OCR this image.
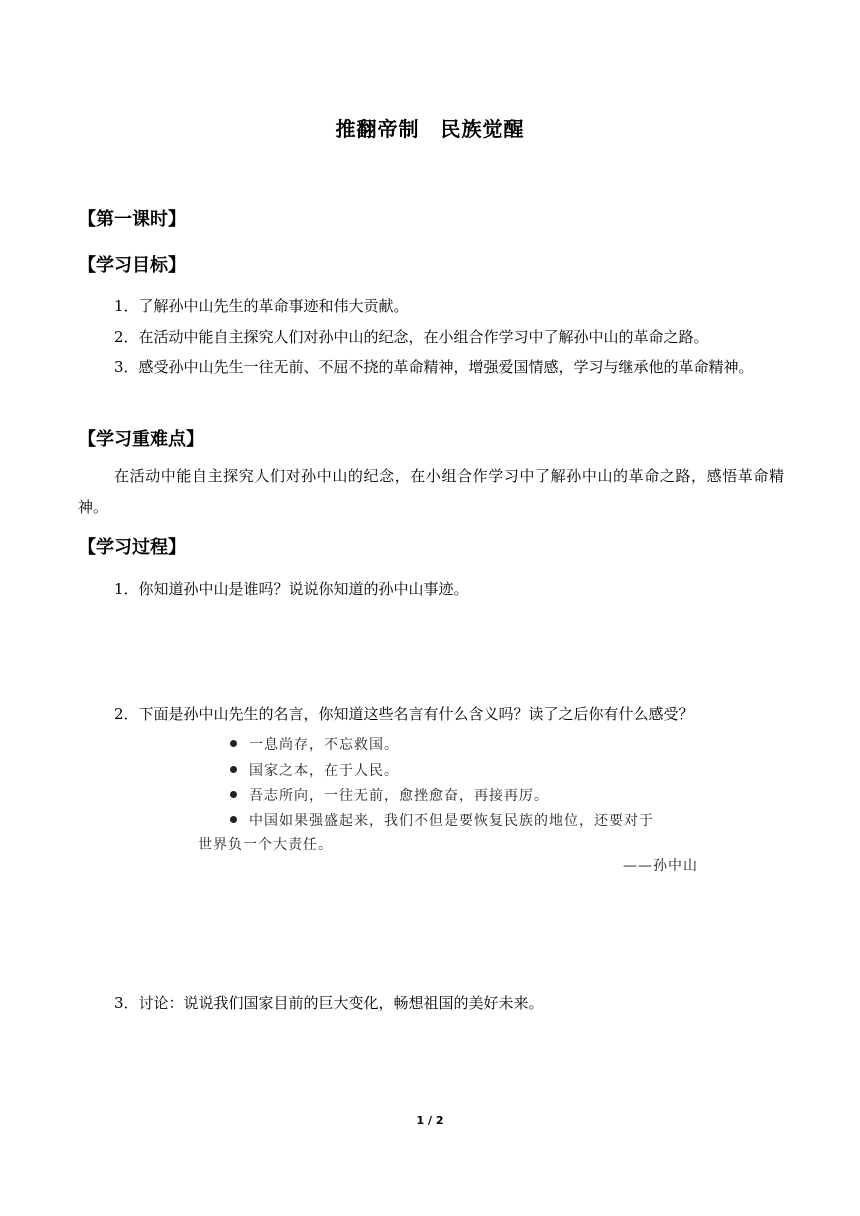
推翻帝制　民族觉醒
【第一课时】
【学习目标】
1．了解孙中山先生的革命事迹和伟大贡献。
2．在活动中能自主探究人们对孙中山的纪念，在小组合作学习中了解孙中山的革命之路。
3．感受孙中山先生一往无前、不屈不挠的革命精神，增强爱国情感，学习与继承他的革命精神。
【学习重难点】
在活动中能自主探究人们对孙中山的纪念，在小组合作学习中了解孙中山的革命之路，感悟革命精神。
【学习过程】
1．你知道孙中山是谁吗？说说你知道的孙中山事迹。
2．下面是孙中山先生的名言，你知道这些名言有什么含义吗？读了之后你有什么感受？
一息尚存，不忘救国。
国家之本，在于人民。
吾志所向，一往无前，愈挫愈奋，再接再厉。
中国如果强盛起来，我们不但是要恢复民族的地位，还要对于
世界负一个大责任。
——孙中山
3．讨论：说说我们国家目前的巨大变化，畅想祖国的美好未来。
1 / 2
